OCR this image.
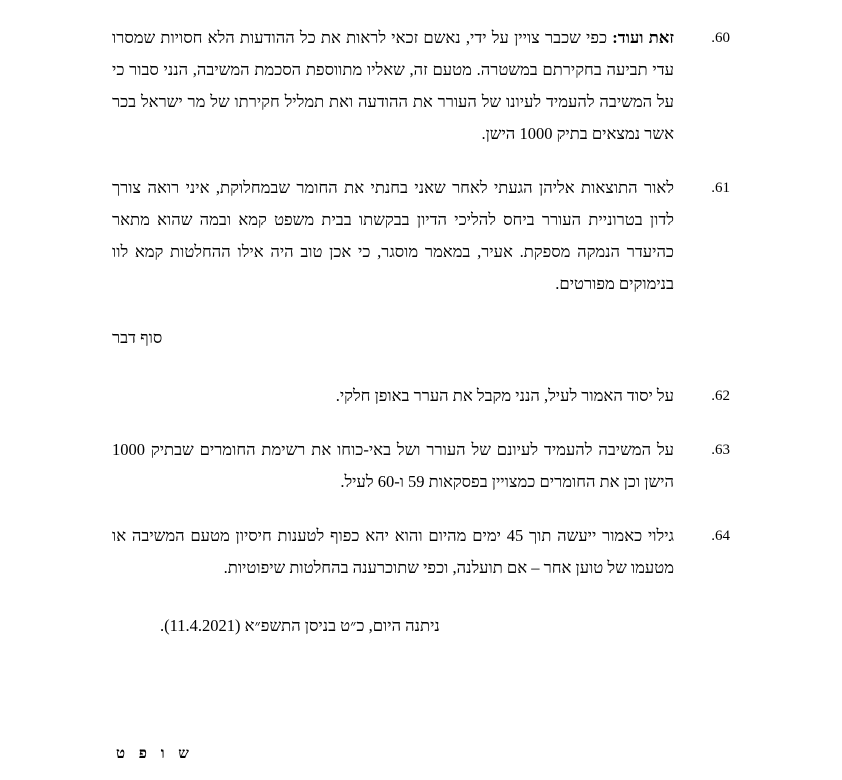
.60
זאת ועוד: כפי שכבר צויין על ידי, נאשם זכאי לראות את כל ההודעות הלא חסויות שמסרו עדי תביעה בחקירתם במשטרה. מטעם זה, שאליו מתווספת הסכמת המשיבה, הנני סבור כי על המשיבה להעמיד לעיונו של העורר את ההודעה ואת תמליל חקירתו של מר ישראל בכר אשר נמצאים בתיק 1000 הישן.
.61
לאור התוצאות אליהן הגעתי לאחר שאני בחנתי את החומר שבמחלוקת, איני רואה צורך לדון בטרוניית העורר ביחס להליכי הדיון בבקשתו בבית משפט קמא ובמה שהוא מתאר כהיעדר הנמקה מספקת. אעיר, במאמר מוסגר, כי אכן טוב היה אילו ההחלטות קמא לוו בנימוקים מפורטים.
סוף דבר
.62
על יסוד האמור לעיל, הנני מקבל את הערר באופן חלקי.
.63
על המשיבה להעמיד לעיונם של העורר ושל באי-כוחו את רשימת החומרים שבתיק 1000 הישן וכן את החומרים כמצויין בפסקאות 59 ו-60 לעיל.
.64
גילוי כאמור ייעשה תוך 45 ימים מהיום והוא יהא כפוף לטענות חיסיון מטעם המשיבה או מטעמו של טוען אחר – אם תועלנה, וכפי שתוכרענה בהחלטות שיפוטיות.
ניתנה היום, כ״ט בניסן התשפ״א (11.4.2021).
ש ו פ ט
